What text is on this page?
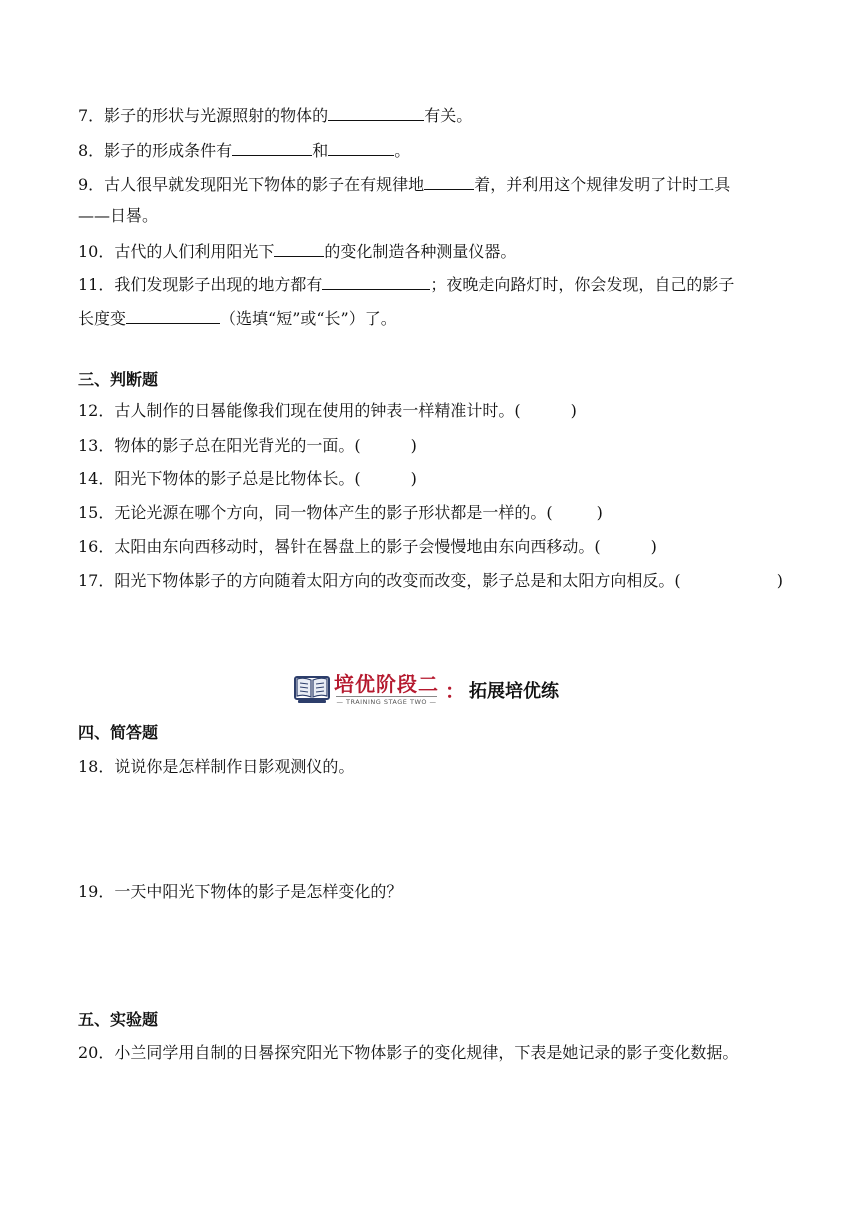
7．影子的形状与光源照射的物体的	有关。
8．影子的形成条件有	和	。
9．古人很早就发现阳光下物体的影子在有规律地	着，并利用这个规律发明了计时工具
——日晷。
10．古代的人们利用阳光下	的变化制造各种测量仪器。
11．我们发现影子出现的地方都有	；夜晚走向路灯时，你会发现，自己的影子
长度变	（选填“短”或“长”）了。
三、判断题
12．古人制作的日晷能像我们现在使用的钟表一样精准计时。(	)
13．物体的影子总在阳光背光的一面。(	)
14．阳光下物体的影子总是比物体长。(	)
15．无论光源在哪个方向，同一物体产生的影子形状都是一样的。(	)
16．太阳由东向西移动时，晷针在晷盘上的影子会慢慢地由东向西移动。(	)
17．阳光下物体影子的方向随着太阳方向的改变而改变，影子总是和太阳方向相反。(	)
培优阶段二
— TRAINING STAGE TWO — ： 拓展培优练
四、简答题
18．说说你是怎样制作日影观测仪的。
19．一天中阳光下物体的影子是怎样变化的？
五、实验题
20．小兰同学用自制的日晷探究阳光下物体影子的变化规律，下表是她记录的影子变化数据。
